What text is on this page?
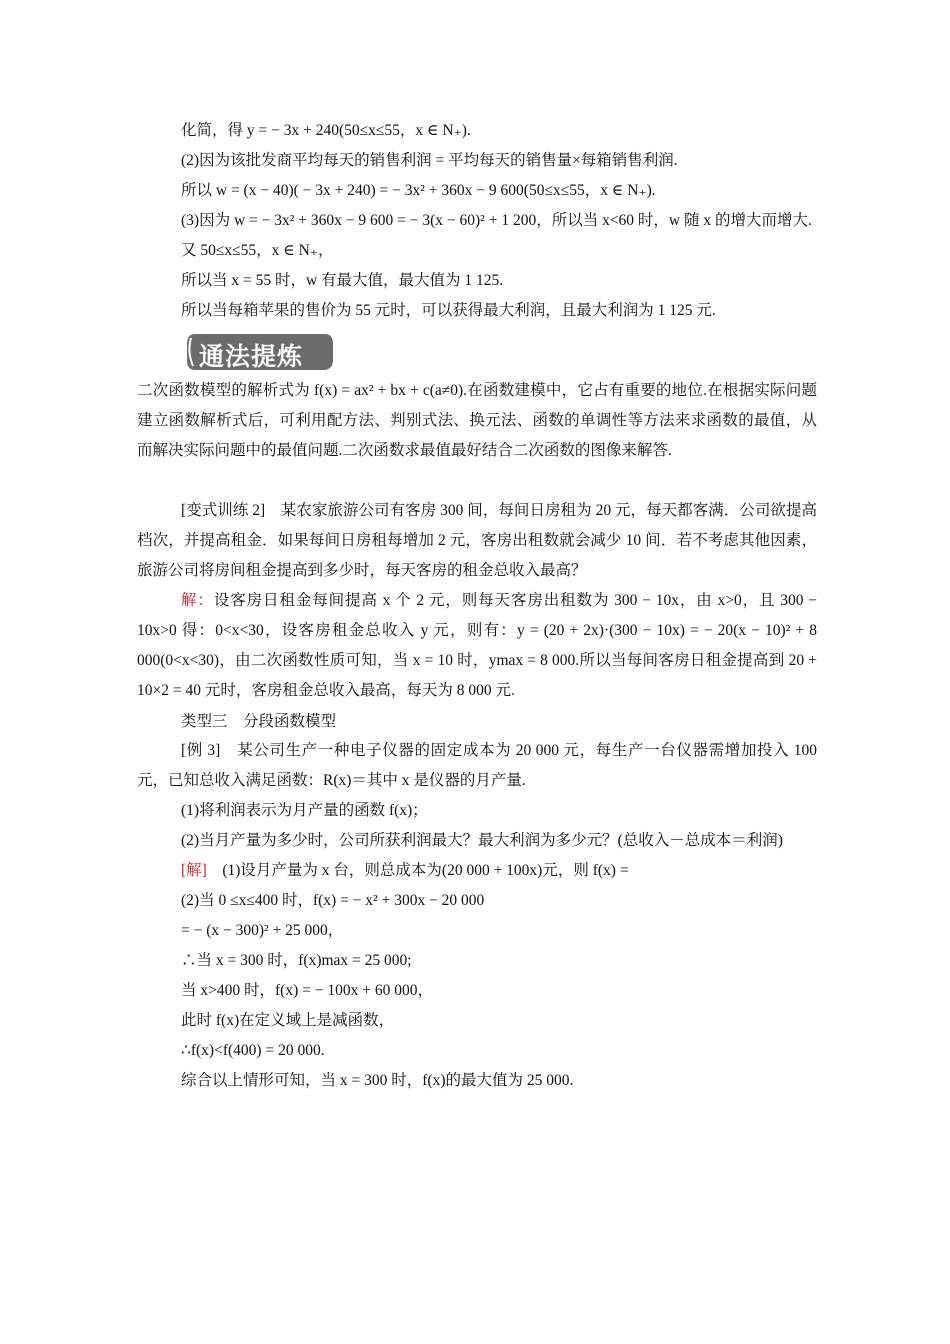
化简，得 y = − 3x + 240(50≤x≤55，x ∈ N₊).

(2)因为该批发商平均每天的销售利润 = 平均每天的销售量×每箱销售利润.

所以 w = (x − 40)( − 3x + 240) = − 3x² + 360x − 9 600(50≤x≤55，x ∈ N₊).

(3)因为 w = − 3x² + 360x − 9 600 = − 3(x − 60)² + 1 200，所以当 x<60 时，w 随 x 的增大而增大.

又 50≤x≤55，x ∈ N₊，

所以当 x = 55 时，w 有最大值，最大值为 1 125.

所以当每箱苹果的售价为 55 元时，可以获得最大利润，且最大利润为 1 125 元.

通法提炼

二次函数模型的解析式为 f(x) = ax² + bx + c(a≠0).在函数建模中，它占有重要的地位.在根据实际问题建立函数解析式后，可利用配方法、判别式法、换元法、函数的单调性等方法来求函数的最值，从而解决实际问题中的最值问题.二次函数求最值最好结合二次函数的图像来解答.

[变式训练 2]　某农家旅游公司有客房 300 间，每间日房租为 20 元，每天都客满．公司欲提高档次，并提高租金．如果每间日房租每增加 2 元，客房出租数就会减少 10 间．若不考虑其他因素，旅游公司将房间租金提高到多少时，每天客房的租金总收入最高？

解：设客房日租金每间提高 x 个 2 元，则每天客房出租数为 300 − 10x，由 x>0，且 300 − 10x>0 得：0<x<30，设客房租金总收入 y 元，则有：y = (20 + 2x)·(300 − 10x) = − 20(x − 10)² + 8 000(0<x<30)，由二次函数性质可知，当 x = 10 时，ymax = 8 000.所以当每间客房日租金提高到 20 + 10×2 = 40 元时，客房租金总收入最高，每天为 8 000 元.

类型三　分段函数模型

[例 3]　某公司生产一种电子仪器的固定成本为 20 000 元，每生产一台仪器需增加投入 100 元，已知总收入满足函数：R(x)＝其中 x 是仪器的月产量.

(1)将利润表示为月产量的函数 f(x)；

(2)当月产量为多少时，公司所获利润最大？最大利润为多少元？(总收入－总成本＝利润)

[解]　(1)设月产量为 x 台，则总成本为(20 000 + 100x)元，则 f(x) =

(2)当 0 ≤x≤400 时，f(x) = − x² + 300x − 20 000

= − (x − 300)² + 25 000，

∴当 x = 300 时，f(x)max = 25 000;

当 x>400 时，f(x) = − 100x + 60 000，

此时 f(x)在定义域上是减函数，

∴f(x)<f(400) = 20 000.

综合以上情形可知，当 x = 300 时，f(x)的最大值为 25 000.
